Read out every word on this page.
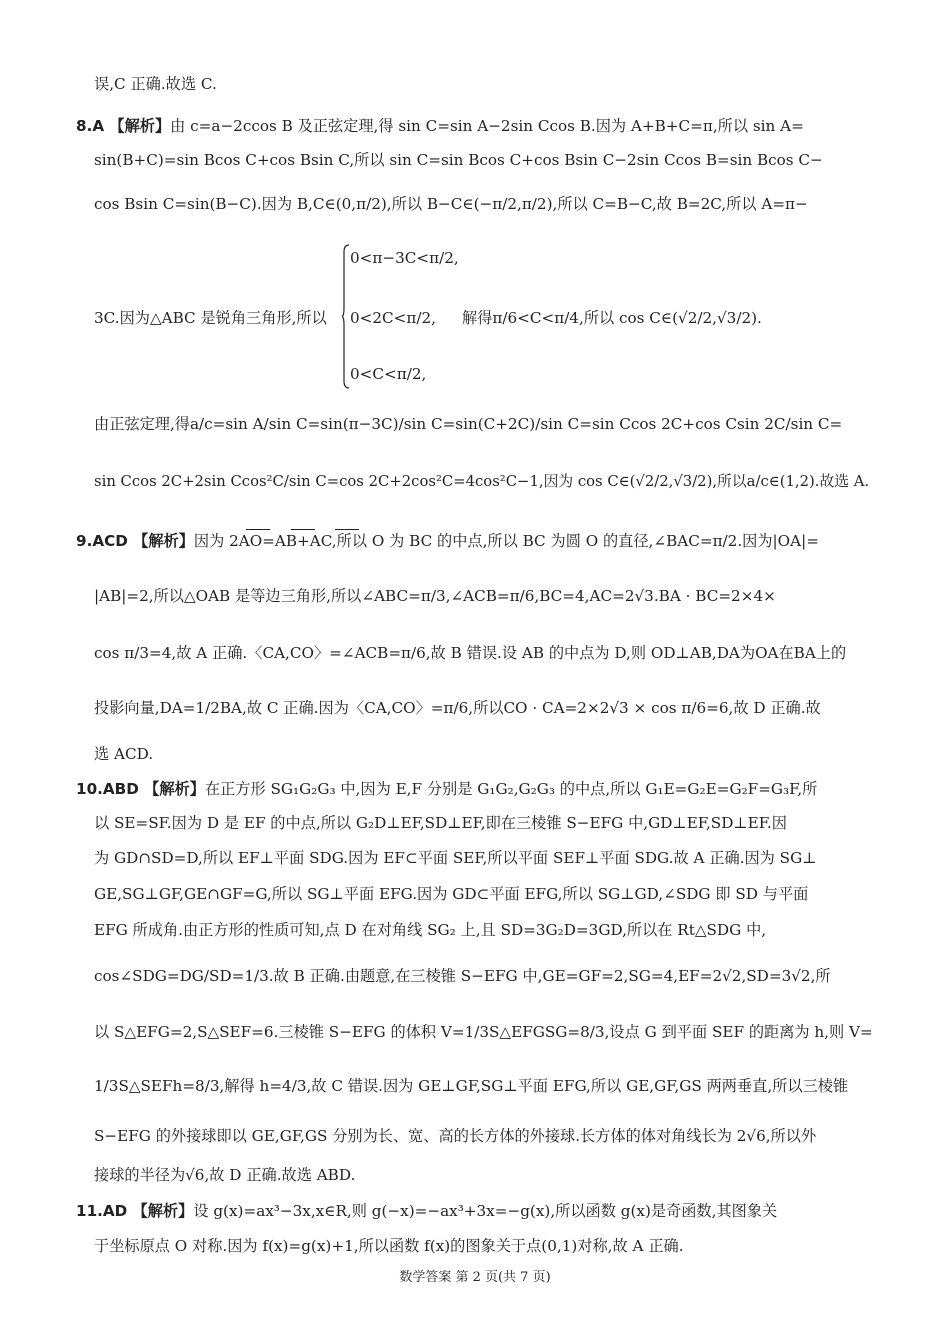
误,C 正确.故选 C.
8.A 【解析】由 c=a−2ccos B 及正弦定理,得 sin C=sin A−2sin Ccos B.因为 A+B+C=π,所以 sin A=
sin(B+C)=sin Bcos C+cos Bsin C,所以 sin C=sin Bcos C+cos Bsin C−2sin Ccos B=sin Bcos C−
cos Bsin C=sin(B−C).因为 B,C∈(0,π/2),所以 B−C∈(−π/2,π/2),所以 C=B−C,故 B=2C,所以 A=π−
0<π−3C<π/2,
3C.因为△ABC 是锐角三角形,所以	0<2C<π/2,	解得π/6<C<π/4,所以 cos C∈(√2/2,√3/2).
0<C<π/2,
由正弦定理,得a/c=sin A/sin C=sin(π−3C)/sin C=sin(C+2C)/sin C=sin Ccos 2C+cos Csin 2C/sin C=
sin Ccos 2C+2sin Ccos²C/sin C=cos 2C+2cos²C=4cos²C−1,因为 cos C∈(√2/2,√3/2),所以a/c∈(1,2).故选 A.
9.ACD 【解析】因为 2AO=AB+AC,所以 O 为 BC 的中点,所以 BC 为圆 O 的直径,∠BAC=π/2.因为|OA|=
|AB|=2,所以△OAB 是等边三角形,所以∠ABC=π/3,∠ACB=π/6,BC=4,AC=2√3.BA · BC=2×4×
cos π/3=4,故 A 正确.〈CA,CO〉=∠ACB=π/6,故 B 错误.设 AB 的中点为 D,则 OD⊥AB,DA为OA在BA上的
投影向量,DA=1/2BA,故 C 正确.因为〈CA,CO〉=π/6,所以CO · CA=2×2√3 × cos π/6=6,故 D 正确.故
选 ACD.
10.ABD 【解析】在正方形 SG₁G₂G₃ 中,因为 E,F 分别是 G₁G₂,G₂G₃ 的中点,所以 G₁E=G₂E=G₂F=G₃F,所
以 SE=SF.因为 D 是 EF 的中点,所以 G₂D⊥EF,SD⊥EF,即在三棱锥 S−EFG 中,GD⊥EF,SD⊥EF.因
为 GD∩SD=D,所以 EF⊥平面 SDG.因为 EF⊂平面 SEF,所以平面 SEF⊥平面 SDG.故 A 正确.因为 SG⊥
GE,SG⊥GF,GE∩GF=G,所以 SG⊥平面 EFG.因为 GD⊂平面 EFG,所以 SG⊥GD,∠SDG 即 SD 与平面
EFG 所成角.由正方形的性质可知,点 D 在对角线 SG₂ 上,且 SD=3G₂D=3GD,所以在 Rt△SDG 中,
cos∠SDG=DG/SD=1/3.故 B 正确.由题意,在三棱锥 S−EFG 中,GE=GF=2,SG=4,EF=2√2,SD=3√2,所
以 S△EFG=2,S△SEF=6.三棱锥 S−EFG 的体积 V=1/3S△EFGSG=8/3,设点 G 到平面 SEF 的距离为 h,则 V=
1/3S△SEFh=8/3,解得 h=4/3,故 C 错误.因为 GE⊥GF,SG⊥平面 EFG,所以 GE,GF,GS 两两垂直,所以三棱锥
S−EFG 的外接球即以 GE,GF,GS 分别为长、宽、高的长方体的外接球.长方体的体对角线长为 2√6,所以外
接球的半径为√6,故 D 正确.故选 ABD.
11.AD 【解析】设 g(x)=ax³−3x,x∈R,则 g(−x)=−ax³+3x=−g(x),所以函数 g(x)是奇函数,其图象关
于坐标原点 O 对称.因为 f(x)=g(x)+1,所以函数 f(x)的图象关于点(0,1)对称,故 A 正确.
数学答案 第 2 页(共 7 页)
